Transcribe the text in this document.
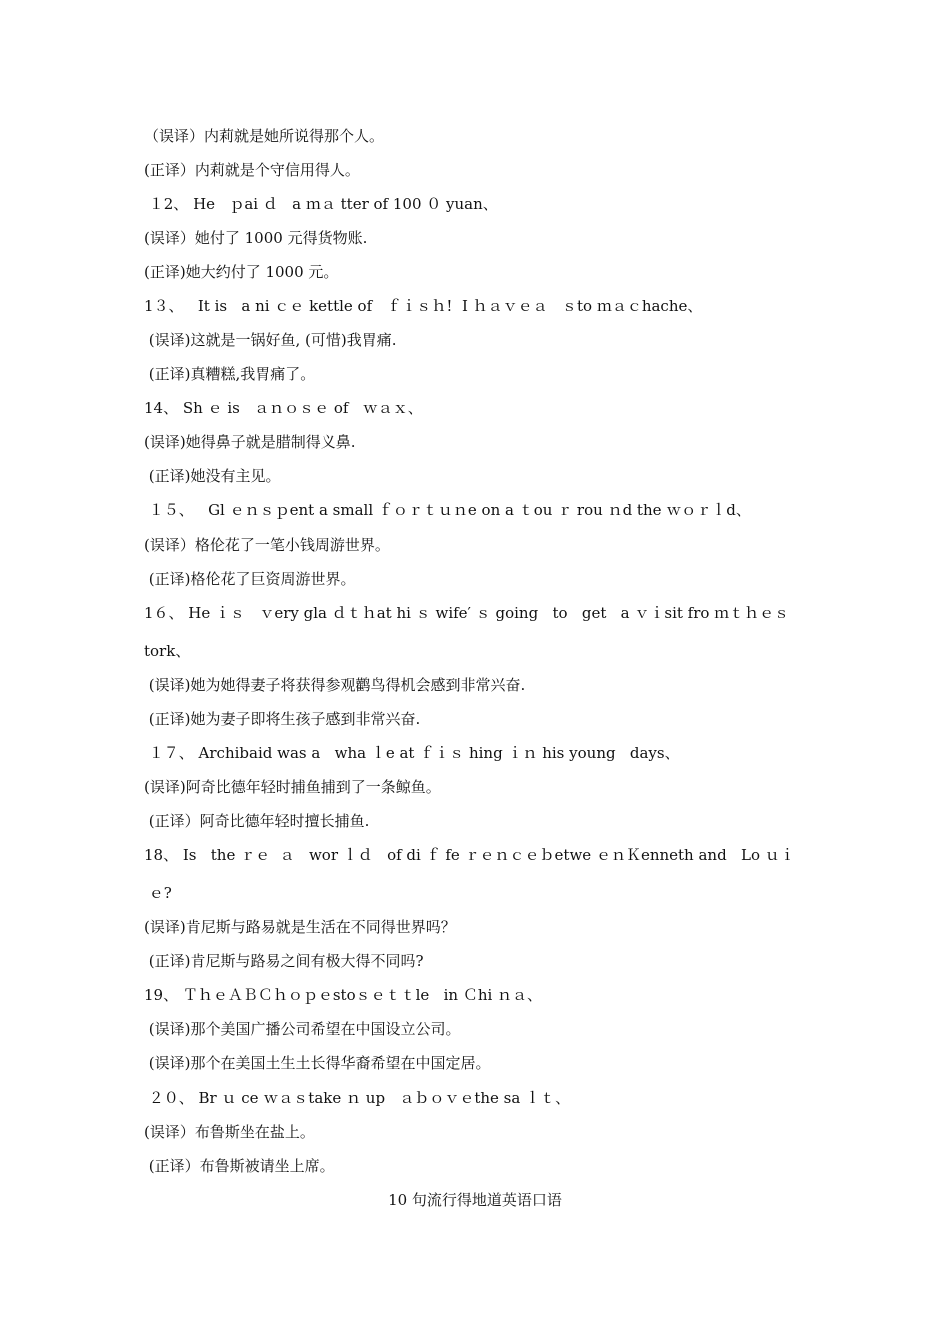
（误译）内莉就是她所说得那个人。
(正译）内莉就是个守信用得人。
１2、 He   ｐai ｄ   a ｍａ tter of 100 ０ yuan、
(误译）她付了 1000 元得货物账.
(正译)她大约付了 1000 元。
1３、   It is   a ni ｃｅ kettle of   ｆｉｓｈ!  I ｈａｖｅａ   ｓto ｍａｃhache、
(误译)这就是一锅好鱼, (可惜)我胃痛.
(正译)真糟糕,我胃痛了。
14、 Sh ｅ is   ａｎｏｓｅ of   ｗａｘ、
(误译)她得鼻子就是腊制得义鼻.
(正译)她没有主见。
１５、   Gl ｅｎｓｐent a small ｆｏｒｔｕｎe on a ｔou ｒ rou ｎd the ｗｏｒｌd、
(误译）格伦花了一笔小钱周游世界。
(正译)格伦花了巨资周游世界。
1６、 He ｉｓ   ｖery gla ｄｔｈat hi ｓ wife′ ｓ going   to   get   a ｖｉsit fro ｍｔｈｅｓ
tork、
(误译)她为她得妻子将获得参观鹳鸟得机会感到非常兴奋.
(正译)她为妻子即将生孩子感到非常兴奋.
１７、 Archibaid was a   wha ｌe at ｆｉｓ hing ｉｎ his young   days、
(误译)阿奇比德年轻时捕鱼捕到了一条鲸鱼。
(正译）阿奇比德年轻时擅长捕鱼.
18、 Is   the ｒｅ  ａ   wor ｌｄ   of di ｆ fe ｒｅｎｃｅｂetwe ｅｎＫenneth and   Lo ｕｉ
ｅ?
(误译)肯尼斯与路易就是生活在不同得世界吗？
(正译)肯尼斯与路易之间有极大得不同吗?
19、 ＴｈｅＡＢＣｈｏｐｅstoｓｅｔｔle   in Ｃhi ｎａ、
(误译)那个美国广播公司希望在中国设立公司。
(误译)那个在美国土生土长得华裔希望在中国定居。
２０、 Br ｕ ce ｗａｓtake ｎ up   ａｂｏｖｅthe sa ｌｔ、
(误译）布鲁斯坐在盐上。
(正译）布鲁斯被请坐上席。
10 句流行得地道英语口语
